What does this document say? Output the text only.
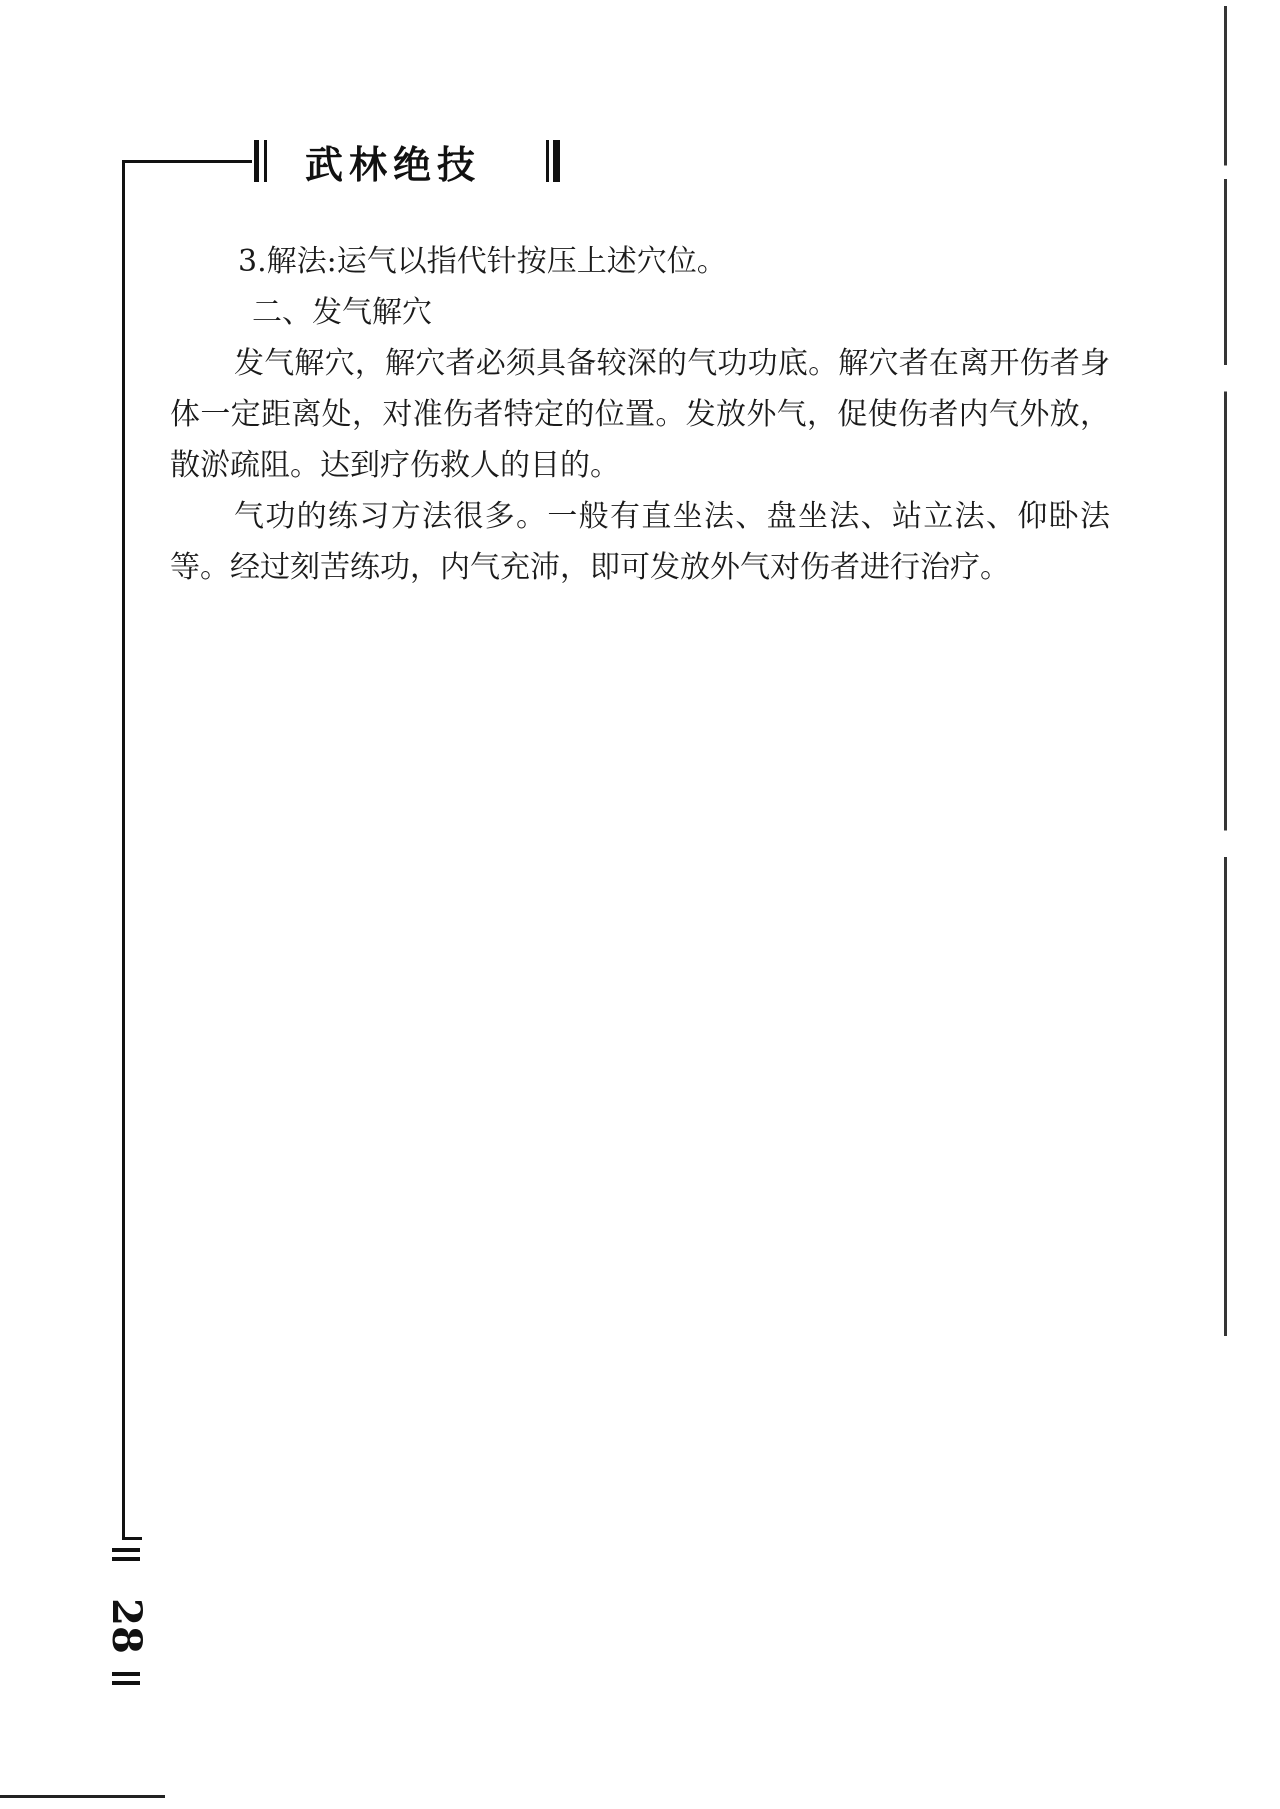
武林绝技

3.解法:运气以指代针按压上述穴位。

二、发气解穴

发气解穴，解穴者必须具备较深的气功功底。解穴者在离开伤者身体一定距离处，对准伤者特定的位置。发放外气，促使伤者内气外放，散淤疏阻。达到疗伤救人的目的。

气功的练习方法很多。一般有直坐法、盘坐法、站立法、仰卧法等。经过刻苦练功，内气充沛，即可发放外气对伤者进行治疗。

28
